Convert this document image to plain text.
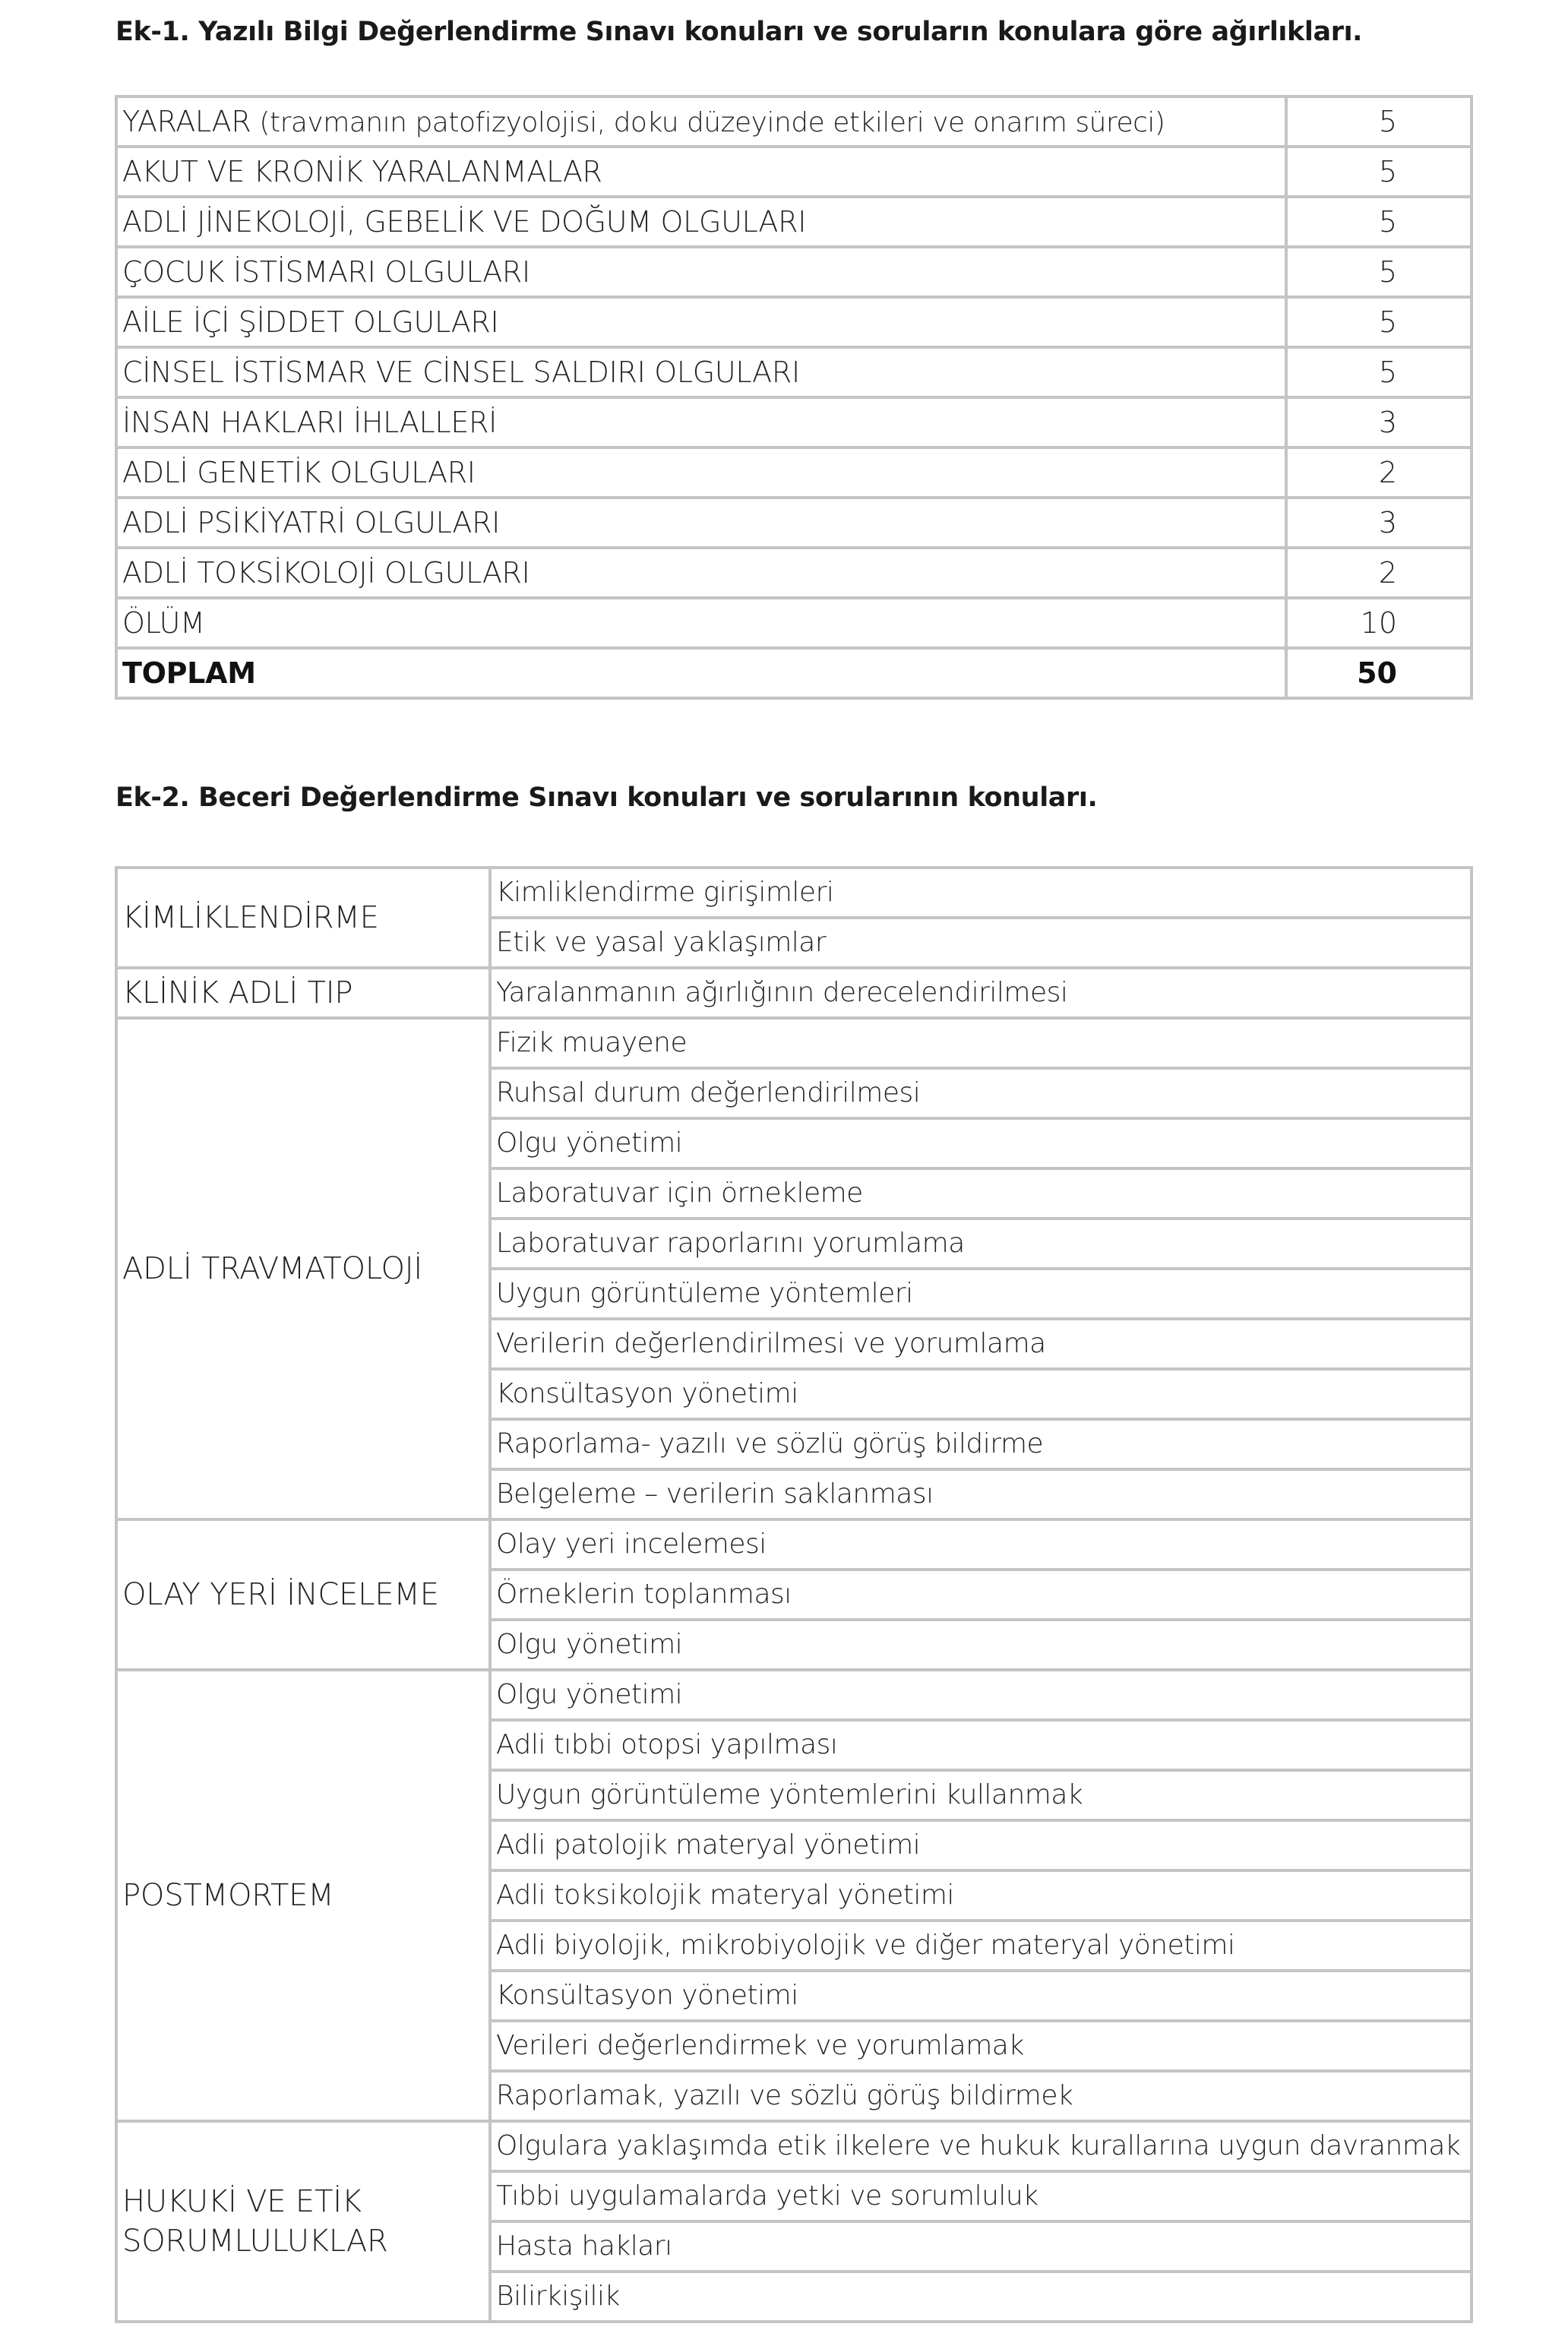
Ek-1. Yazılı Bilgi Değerlendirme Sınavı konuları ve soruların konulara göre ağırlıkları.
YARALAR (travmanın patofizyolojisi, doku düzeyinde etkileri ve onarım süreci)	5
AKUT VE KRONİK YARALANMALAR	5
ADLİ JİNEKOLOJİ, GEBELİK VE DOĞUM OLGULARI	5
ÇOCUK İSTİSMARI OLGULARI	5
AİLE İÇİ ŞİDDET OLGULARI	5
CİNSEL İSTİSMAR VE CİNSEL SALDIRI OLGULARI	5
İNSAN HAKLARI İHLALLERİ	3
ADLİ GENETİK OLGULARI	2
ADLİ PSİKİYATRİ OLGULARI	3
ADLİ TOKSİKOLOJİ OLGULARI	2
ÖLÜM	10
TOPLAM	50
Ek-2. Beceri Değerlendirme Sınavı konuları ve sorularının konuları.
KİMLİKLENDİRME	Kimliklendirme girişimleri
	Etik ve yasal yaklaşımlar
KLİNİK ADLİ TIP	Yaralanmanın ağırlığının derecelendirilmesi
ADLİ TRAVMATOLOJİ	Fizik muayene
	Ruhsal durum değerlendirilmesi
	Olgu yönetimi
	Laboratuvar için örnekleme
	Laboratuvar raporlarını yorumlama
	Uygun görüntüleme yöntemleri
	Verilerin değerlendirilmesi ve yorumlama
	Konsültasyon yönetimi
	Raporlama- yazılı ve sözlü görüş bildirme
	Belgeleme – verilerin saklanması
OLAY YERİ İNCELEME	Olay yeri incelemesi
	Örneklerin toplanması
	Olgu yönetimi
POSTMORTEM	Olgu yönetimi
	Adli tıbbi otopsi yapılması
	Uygun görüntüleme yöntemlerini kullanmak
	Adli patolojik materyal yönetimi
	Adli toksikolojik materyal yönetimi
	Adli biyolojik, mikrobiyolojik ve diğer materyal yönetimi
	Konsültasyon yönetimi
	Verileri değerlendirmek ve yorumlamak
	Raporlamak, yazılı ve sözlü görüş bildirmek
HUKUKİ VE ETİK SORUMLULUKLAR	Olgulara yaklaşımda etik ilkelere ve hukuk kurallarına uygun davranmak
	Tıbbi uygulamalarda yetki ve sorumluluk
	Hasta hakları
	Bilirkişilik
